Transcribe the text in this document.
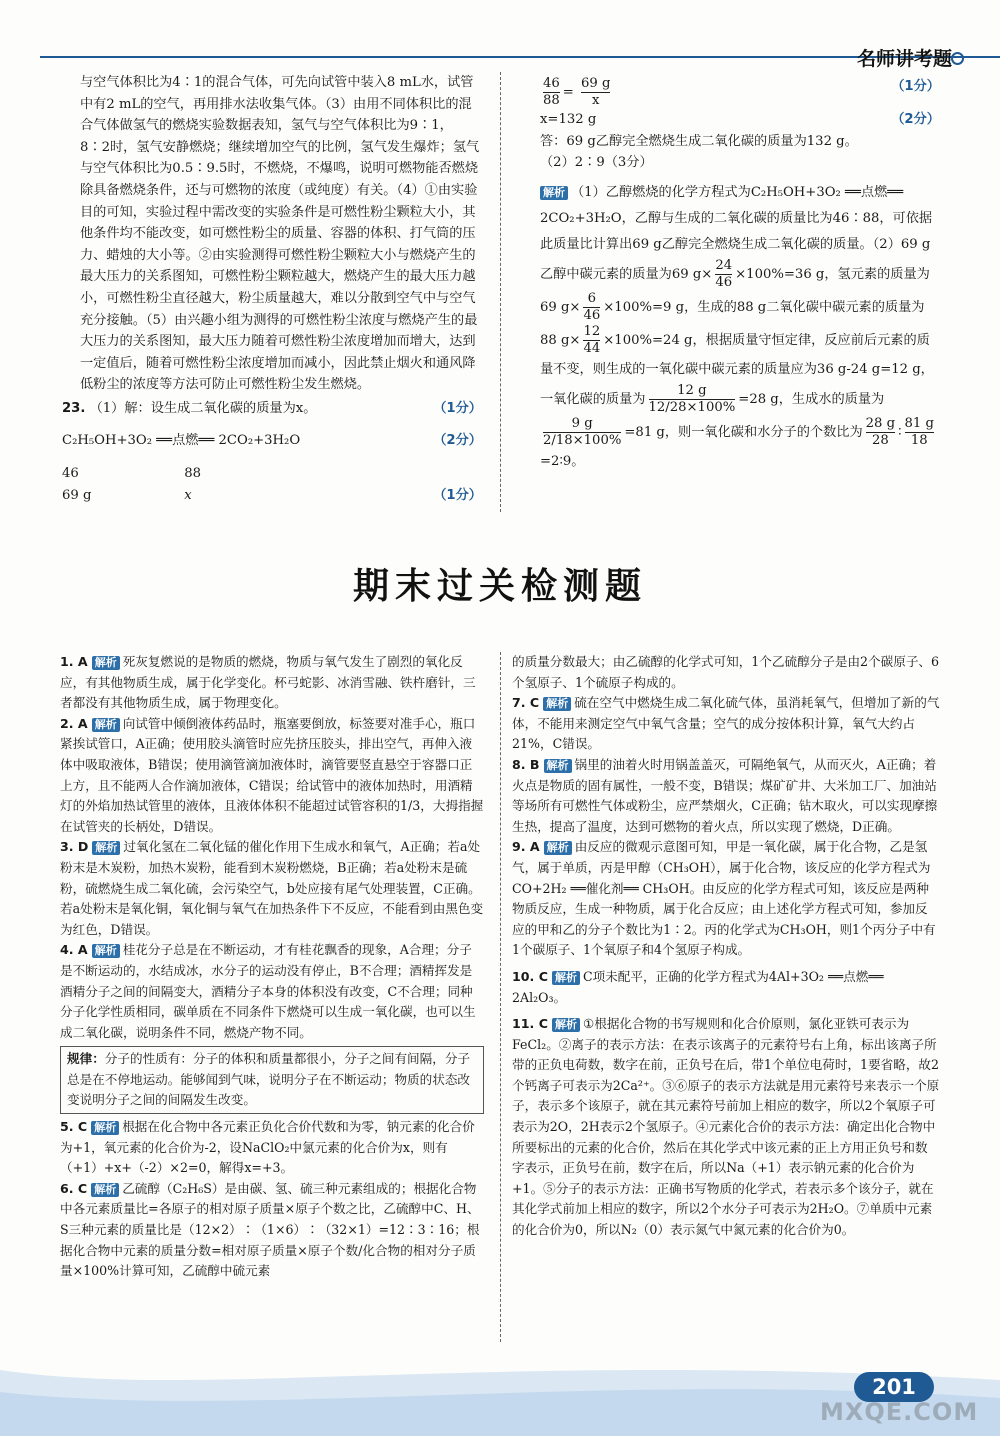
名师讲考题

与空气体积比为4∶1的混合气体，可先向试管中装入8 mL水，试管中有2 mL的空气，再用排水法收集气体。（3）由用不同体积比的混合气体做氢气的燃烧实验数据表知，氢气与空气体积比为9∶1，8∶2时，氢气安静燃烧；继续增加空气的比例，氢气发生爆炸；氢气与空气体积比为0.5∶9.5时，不燃烧，不爆鸣，说明可燃物能否燃烧除具备燃烧条件，还与可燃物的浓度（或纯度）有关。（4）①由实验目的可知，实验过程中需改变的实验条件是可燃性粉尘颗粒大小，其他条件均不能改变，如可燃性粉尘的质量、容器的体积、打气筒的压力、蜡烛的大小等。②由实验测得可燃性粉尘颗粒大小与燃烧产生的最大压力的关系图知，可燃性粉尘颗粒越大，燃烧产生的最大压力越小，可燃性粉尘直径越大，粉尘质量越大，难以分散到空气中与空气充分接触。（5）由兴趣小组为测得的可燃性粉尘浓度与燃烧产生的最大压力的关系图知，最大压力随着可燃性粉尘浓度增加而增大，达到一定值后，随着可燃性粉尘浓度增加而减小，因此禁止烟火和通风降低粉尘的浓度等方法可防止可燃性粉尘发生燃烧。

23. （1）解：设生成二氧化碳的质量为x。	（1分）

C₂H₅OH+3O₂ ══点燃══ 2CO₂+3H₂O	（2分）

46	88

69 g	x	（1分）

$\frac{46}{88} = \frac{69 g}{x}$	（1分）

x=132 g	（2分）

答：69 g乙醇完全燃烧生成二氧化碳的质量为132 g。

（2）2∶9（3分）

解析 （1）乙醇燃烧的化学方程式为C₂H₅OH+3O₂ ══点燃══ 2CO₂+3H₂O，乙醇与生成的二氧化碳的质量比为46∶88，可依据此质量比计算出69 g乙醇完全燃烧生成二氧化碳的质量。（2）69 g乙醇中碳元素的质量为69 $g\times \frac{24}{46} \times 100\%=36$ g，氢元素的质量为69 $g\times \frac{6}{46} \times 100\%=9$ g，生成的88 g二氧化碳中碳元素的质量为88 $g\times \frac{12}{44} \times 100\%=24$ g，根据质量守恒定律，反应前后元素的质量不变，则生成的一氧化碳中碳元素的质量应为36 g-24 g=12 g，一氧化碳的质量为 $\frac{12 g}{12/28\times 100\%} =28$ g，生成水的质量为
$\frac{9 g}{2/18\times 100\%} =81$ g，则一氧化碳和水分子的个数比为 $\frac{28 g}{28}$ ∶ $\frac{81 g}{18}$
=2∶9。

期末过关检测题

1. A 解析 死灰复燃说的是物质的燃烧，物质与氧气发生了剧烈的氧化反应，有其他物质生成，属于化学变化。杯弓蛇影、冰消雪融、铁杵磨针，三者都没有其他物质生成，属于物理变化。

2. A 解析 向试管中倾倒液体药品时，瓶塞要倒放，标签要对准手心，瓶口紧挨试管口，A正确；使用胶头滴管时应先挤压胶头，排出空气，再伸入液体中吸取液体，B错误；使用滴管滴加液体时，滴管要竖直悬空于容器口正上方，且不能两人合作滴加液体，C错误；给试管中的液体加热时，用酒精灯的外焰加热试管里的液体，且液体体积不能超过试管容积的1/3，大拇指握在试管夹的长柄处，D错误。

3. D 解析 过氧化氢在二氧化锰的催化作用下生成水和氧气，A正确；若a处粉末是木炭粉，加热木炭粉，能看到木炭粉燃烧，B正确；若a处粉末是硫粉，硫燃烧生成二氧化硫，会污染空气，b处应接有尾气处理装置，C正确。若a处粉末是氧化铜，氧化铜与氧气在加热条件下不反应，不能看到由黑色变为红色，D错误。

4. A 解析 桂花分子总是在不断运动，才有桂花飘香的现象，A合理；分子是不断运动的，水结成冰，水分子的运动没有停止，B不合理；酒精挥发是酒精分子之间的间隔变大，酒精分子本身的体积没有改变，C不合理；同种分子化学性质相同，碳单质在不同条件下燃烧可以生成一氧化碳，也可以生成二氧化碳，说明条件不同，燃烧产物不同。

规律：分子的性质有：分子的体积和质量都很小，分子之间有间隔，分子总是在不停地运动。能够闻到气味，说明分子在不断运动；物质的状态改变说明分子之间的间隔发生改变。

5. C 解析 根据在化合物中各元素正负化合价代数和为零，钠元素的化合价为+1，氧元素的化合价为-2，设NaClO₂中氯元素的化合价为x，则有（+1）+x+（-2）×2=0，解得x=+3。

6. C 解析 乙硫醇（C₂H₆S）是由碳、氢、硫三种元素组成的；根据化合物中各元素质量比=各原子的相对原子质量×原子个数之比，乙硫醇中C、H、S三种元素的质量比是（12×2）∶（1×6）∶（32×1）=12∶3∶16；根据化合物中元素的质量分数=相对原子质量×原子个数/化合物的相对分子质量×100%计算可知，乙硫醇中硫元素

的质量分数最大；由乙硫醇的化学式可知，1个乙硫醇分子是由2个碳原子、6个氢原子、1个硫原子构成的。

7. C 解析 硫在空气中燃烧生成二氧化硫气体，虽消耗氧气，但增加了新的气体，不能用来测定空气中氧气含量；空气的成分按体积计算，氧气大约占21%，C错误。

8. B 解析 锅里的油着火时用锅盖盖灭，可隔绝氧气，从而灭火，A正确；着火点是物质的固有属性，一般不变，B错误；煤矿矿井、大米加工厂、加油站等场所有可燃性气体或粉尘，应严禁烟火，C正确；钻木取火，可以实现摩擦生热，提高了温度，达到可燃物的着火点，所以实现了燃烧，D正确。

9. A 解析 由反应的微观示意图可知，甲是一氧化碳，属于化合物，乙是氢气，属于单质，丙是甲醇（CH₃OH），属于化合物，该反应的化学方程式为CO+2H₂ ══催化剂══ CH₃OH。由反应的化学方程式可知，该反应是两种物质反应，生成一种物质，属于化合反应；由上述化学方程式可知，参加反应的甲和乙的分子个数比为1∶2。丙的化学式为CH₃OH，则1个丙分子中有1个碳原子、1个氧原子和4个氢原子构成。

10. C 解析 C项未配平，正确的化学方程式为4Al+3O₂ ══点燃══ 2Al₂O₃。

11. C 解析 ①根据化合物的书写规则和化合价原则，氯化亚铁可表示为FeCl₂。②离子的表示方法：在表示该离子的元素符号右上角，标出该离子所带的正负电荷数，数字在前，正负号在后，带1个单位电荷时，1要省略，故2个钙离子可表示为2Ca²⁺。③⑥原子的表示方法就是用元素符号来表示一个原子，表示多个该原子，就在其元素符号前加上相应的数字，所以2个氧原子可表示为2O，2H表示2个氢原子。④元素化合价的表示方法：确定出化合物中所要标出的元素的化合价，然后在其化学式中该元素的正上方用正负号和数字表示，正负号在前，数字在后，所以Na（+1）表示钠元素的化合价为+1。⑤分子的表示方法：正确书写物质的化学式，若表示多个该分子，就在其化学式前加上相应的数字，所以2个水分子可表示为2H₂O。⑦单质中元素的化合价为0，所以N₂（0）表示氮气中氮元素的化合价为0。

201
MXQE.COM
